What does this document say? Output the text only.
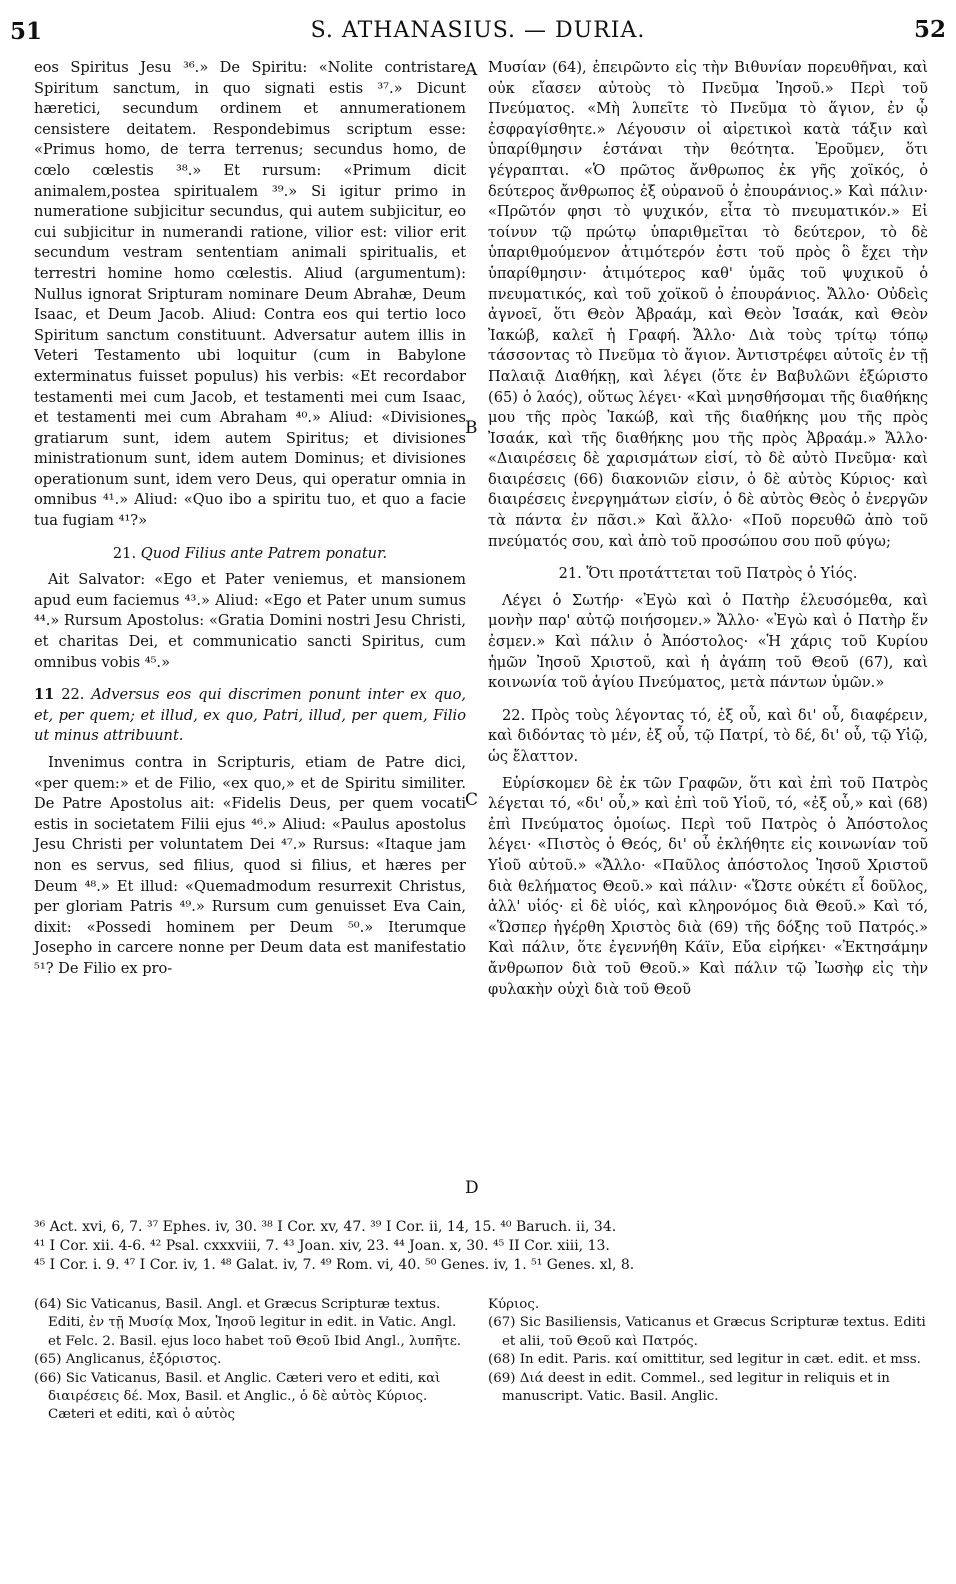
51	S. ATHANASIUS. — DURIA.	52
A
B
C
D

eos Spiritus Jesu ³⁶.» De Spiritu: «Nolite contristare Spiritum sanctum, in quo signati estis ³⁷.» Dicunt hæretici, secundum ordinem et annumerationem censistere deitatem. Respondebimus scriptum esse: «Primus homo, de terra terrenus; secundus homo, de cœlo cœlestis ³⁸.» Et rursum: «Primum dicit animalem,postea spiritualem ³⁹.» Si igitur primo in numeratione subjicitur secundus, qui autem subjicitur, eo cui subjicitur in numerandi ratione, vilior est: vilior erit secundum vestram sententiam animali spiritualis, et terrestri homine homo cœlestis. Aliud (argumentum): Nullus ignorat Sripturam nominare Deum Abrahæ, Deum Isaac, et Deum Jacob. Aliud: Contra eos qui tertio loco Spiritum sanctum constituunt. Adversatur autem illis in Veteri Testamento ubi loquitur (cum in Babylone exterminatus fuisset populus) his verbis: «Et recordabor testamenti mei cum Jacob, et testamenti mei cum Isaac, et testamenti mei cum Abraham ⁴⁰.» Aliud: «Divisiones gratiarum sunt, idem autem Spiritus; et divisiones ministrationum sunt, idem autem Dominus; et divisiones operationum sunt, idem vero Deus, qui operatur omnia in omnibus ⁴¹.» Aliud: «Quo ibo a spiritu tuo, et quo a facie tua fugiam ⁴¹?»

21. Quod Filius ante Patrem ponatur.

Ait Salvator: «Ego et Pater veniemus, et mansionem apud eum faciemus ⁴³.» Aliud: «Ego et Pater unum sumus ⁴⁴.» Rursum Apostolus: «Gratia Domini nostri Jesu Christi, et charitas Dei, et communicatio sancti Spiritus, cum omnibus vobis ⁴⁵.»

11 22. Adversus eos qui discrimen ponunt inter ex quo, et, per quem; et illud, ex quo, Patri, illud, per quem, Filio ut minus attribuunt.

Invenimus contra in Scripturis, etiam de Patre dici, «per quem:» et de Filio, «ex quo,» et de Spiritu similiter. De Patre Apostolus ait: «Fidelis Deus, per quem vocati estis in societatem Filii ejus ⁴⁶.» Aliud: «Paulus apostolus Jesu Christi per voluntatem Dei ⁴⁷.» Rursus: «Itaque jam non es servus, sed filius, quod si filius, et hæres per Deum ⁴⁸.» Et illud: «Quemadmodum resurrexit Christus, per gloriam Patris ⁴⁹.» Rursum cum genuisset Eva Cain, dixit: «Possedi hominem per Deum ⁵⁰.» Iterumque Josepho in carcere nonne per Deum data est manifestatio ⁵¹? De Filio ex pro-

Μυσίαν (64), ἐπειρῶντο εἰς τὴν Βιθυνίαν πορευθῆναι, καὶ οὐκ εἴασεν αὐτοὺς τὸ Πνεῦμα Ἰησοῦ.» Περὶ τοῦ Πνεύματος. «Μὴ λυπεῖτε τὸ Πνεῦμα τὸ ἅγιον, ἐν ᾧ ἐσφραγίσθητε.» Λέγουσιν οἱ αἱρετικοὶ κατὰ τάξιν καὶ ὑπαρίθμησιν ἑστάναι τὴν θεότητα. Ἐροῦμεν, ὅτι γέγραπται. «Ὁ πρῶτος ἄνθρωπος ἐκ γῆς χοϊκός, ὁ δεύτερος ἄνθρωπος ἐξ οὐρανοῦ ὁ ἐπουράνιος.» Καὶ πάλιν· «Πρῶτόν φησι τὸ ψυχικόν, εἶτα τὸ πνευματικόν.» Εἰ τοίνυν τῷ πρώτῳ ὑπαριθμεῖται τὸ δεύτερον, τὸ δὲ ὑπαριθμούμενον ἀτιμότερόν ἐστι τοῦ πρὸς ὃ ἔχει τὴν ὑπαρίθμησιν· ἀτιμότερος καθ' ὑμᾶς τοῦ ψυχικοῦ ὁ πνευματικός, καὶ τοῦ χοϊκοῦ ὁ ἐπουράνιος. Ἄλλο· Οὐδεὶς ἀγνοεῖ, ὅτι Θεὸν Ἀβραάμ, καὶ Θεὸν Ἰσαάκ, καὶ Θεὸν Ἰακώβ, καλεῖ ἡ Γραφή. Ἄλλο· Διὰ τοὺς τρίτῳ τόπῳ τάσσοντας τὸ Πνεῦμα τὸ ἅγιον. Ἀντιστρέφει αὐτοῖς ἐν τῇ Παλαιᾷ Διαθήκῃ, καὶ λέγει (ὅτε ἐν Βαβυλῶνι ἐξώριστο (65) ὁ λαός), οὕτως λέγει· «Καὶ μνησθήσομαι τῆς διαθήκης μου τῆς πρὸς Ἰακώβ, καὶ τῆς διαθήκης μου τῆς πρὸς Ἰσαάκ, καὶ τῆς διαθήκης μου τῆς πρὸς Ἀβραάμ.» Ἄλλο· «Διαιρέσεις δὲ χαρισμάτων εἰσί, τὸ δὲ αὐτὸ Πνεῦμα· καὶ διαιρέσεις (66) διακονιῶν εἰσιν, ὁ δὲ αὐτὸς Κύριος· καὶ διαιρέσεις ἐνεργημάτων εἰσίν, ὁ δὲ αὐτὸς Θεὸς ὁ ἐνεργῶν τὰ πάντα ἐν πᾶσι.» Καὶ ἄλλο· «Ποῦ πορευθῶ ἀπὸ τοῦ πνεύματός σου, καὶ ἀπὸ τοῦ προσώπου σου ποῦ φύγω;

21. Ὅτι προτάττεται τοῦ Πατρὸς ὁ Υἱός.

Λέγει ὁ Σωτήρ· «Ἐγὼ καὶ ὁ Πατὴρ ἐλευσόμεθα, καὶ μονὴν παρ' αὐτῷ ποιήσομεν.» Ἄλλο· «Ἐγὼ καὶ ὁ Πατὴρ ἕν ἐσμεν.» Καὶ πάλιν ὁ Ἀπόστολος· «Ἡ χάρις τοῦ Κυρίου ἡμῶν Ἰησοῦ Χριστοῦ, καὶ ἡ ἀγάπη τοῦ Θεοῦ (67), καὶ κοινωνία τοῦ ἁγίου Πνεύματος, μετὰ πάντων ὑμῶν.»

22. Πρὸς τοὺς λέγοντας τό, ἐξ οὗ, καὶ δι' οὗ, διαφέρειν, καὶ διδόντας τὸ μέν, ἐξ οὗ, τῷ Πατρί, τὸ δέ, δι' οὗ, τῷ Υἱῷ, ὡς ἔλαττον.

Εὑρίσκομεν δὲ ἐκ τῶν Γραφῶν, ὅτι καὶ ἐπὶ τοῦ Πατρὸς λέγεται τό, «δι' οὗ,» καὶ ἐπὶ τοῦ Υἱοῦ, τό, «ἐξ οὗ,» καὶ (68) ἐπὶ Πνεύματος ὁμοίως. Περὶ τοῦ Πατρὸς ὁ Ἀπόστολος λέγει· «Πιστὸς ὁ Θεός, δι' οὗ ἐκλήθητε εἰς κοινωνίαν τοῦ Υἱοῦ αὐτοῦ.» «Ἄλλο· «Παῦλος ἀπόστολος Ἰησοῦ Χριστοῦ διὰ θελήματος Θεοῦ.» καὶ πάλιν· «Ὥστε οὐκέτι εἶ δοῦλος, ἀλλ' υἱός· εἰ δὲ υἱός, καὶ κληρονόμος διὰ Θεοῦ.» Καὶ τό, «Ὥσπερ ἠγέρθη Χριστὸς διὰ (69) τῆς δόξης τοῦ Πατρός.» Καὶ πάλιν, ὅτε ἐγεννήθη Κάϊν, Εὔα εἰρήκει· «Ἐκτησάμην ἄνθρωπον διὰ τοῦ Θεοῦ.» Καὶ πάλιν τῷ Ἰωσὴφ εἰς τὴν φυλακὴν οὐχὶ διὰ τοῦ Θεοῦ

³⁶ Act. xvi, 6, 7. ³⁷ Ephes. iv, 30. ³⁸ I Cor. xv, 47. ³⁹ I Cor. ii, 14, 15. ⁴⁰ Baruch. ii, 34.

⁴¹ I Cor. xii. 4-6. ⁴² Psal. cxxxviii, 7. ⁴³ Joan. xiv, 23. ⁴⁴ Joan. x, 30. ⁴⁵ II Cor. xiii, 13.

⁴⁵ I Cor. i. 9. ⁴⁷ I Cor. iv, 1. ⁴⁸ Galat. iv, 7. ⁴⁹ Rom. vi, 40. ⁵⁰ Genes. iv, 1. ⁵¹ Genes. xl, 8.

(64) Sic Vaticanus, Basil. Angl. et Græcus Scripturæ textus. Editi, ἐν τῇ Μυσίᾳ Mox, Ἰησοῦ legitur in edit. in Vatic. Angl. et Felc. 2. Basil. ejus loco habet τοῦ Θεοῦ Ibid Angl., λυπῆτε.

(65) Anglicanus, ἐξόριστος.

(66) Sic Vaticanus, Basil. et Anglic. Cæteri vero et editi, καὶ διαιρέσεις δέ. Mox, Basil. et Anglic., ὁ δὲ αὐτὸς Κύριος. Cæteri et editi, καὶ ὁ αὐτὸς

Κύριος.

(67) Sic Basiliensis, Vaticanus et Græcus Scripturæ textus. Editi et alii, τοῦ Θεοῦ καὶ Πατρός.

(68) In edit. Paris. καί omittitur, sed legitur in cæt. edit. et mss.

(69) Διά deest in edit. Commel., sed legitur in reliquis et in manuscript. Vatic. Basil. Anglic.
